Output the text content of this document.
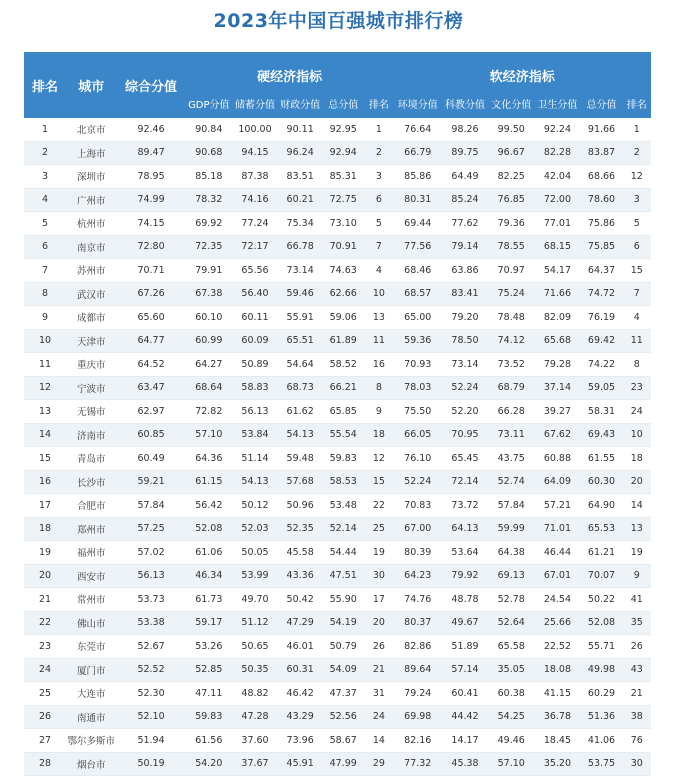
2023年中国百强城市排行榜
排名	城市	综合分值	硬经济指标					软经济指标					
			GDP分值	储蓄分值	财政分值	总分值	排名	环境分值	科教分值	文化分值	卫生分值	总分值	排名
1	北京市	92.46	90.84	100.00	90.11	92.95	1	76.64	98.26	99.50	92.24	91.66	1
2	上海市	89.47	90.68	94.15	96.24	92.94	2	66.79	89.75	96.67	82.28	83.87	2
3	深圳市	78.95	85.18	87.38	83.51	85.31	3	85.86	64.49	82.25	42.04	68.66	12
4	广州市	74.99	78.32	74.16	60.21	72.75	6	80.31	85.24	76.85	72.00	78.60	3
5	杭州市	74.15	69.92	77.24	75.34	73.10	5	69.44	77.62	79.36	77.01	75.86	5
6	南京市	72.80	72.35	72.17	66.78	70.91	7	77.56	79.14	78.55	68.15	75.85	6
7	苏州市	70.71	79.91	65.56	73.14	74.63	4	68.46	63.86	70.97	54.17	64.37	15
8	武汉市	67.26	67.38	56.40	59.46	62.66	10	68.57	83.41	75.24	71.66	74.72	7
9	成都市	65.60	60.10	60.11	55.91	59.06	13	65.00	79.20	78.48	82.09	76.19	4
10	天津市	64.77	60.99	60.09	65.51	61.89	11	59.36	78.50	74.12	65.68	69.42	11
11	重庆市	64.52	64.27	50.89	54.64	58.52	16	70.93	73.14	73.52	79.28	74.22	8
12	宁波市	63.47	68.64	58.83	68.73	66.21	8	78.03	52.24	68.79	37.14	59.05	23
13	无锡市	62.97	72.82	56.13	61.62	65.85	9	75.50	52.20	66.28	39.27	58.31	24
14	济南市	60.85	57.10	53.84	54.13	55.54	18	66.05	70.95	73.11	67.62	69.43	10
15	青岛市	60.49	64.36	51.14	59.48	59.83	12	76.10	65.45	43.75	60.88	61.55	18
16	长沙市	59.21	61.15	54.13	57.68	58.53	15	52.24	72.14	52.74	64.09	60.30	20
17	合肥市	57.84	56.42	50.12	50.96	53.48	22	70.83	73.72	57.84	57.21	64.90	14
18	郑州市	57.25	52.08	52.03	52.35	52.14	25	67.00	64.13	59.99	71.01	65.53	13
19	福州市	57.02	61.06	50.05	45.58	54.44	19	80.39	53.64	64.38	46.44	61.21	19
20	西安市	56.13	46.34	53.99	43.36	47.51	30	64.23	79.92	69.13	67.01	70.07	9
21	常州市	53.73	61.73	49.70	50.42	55.90	17	74.76	48.78	52.78	24.54	50.22	41
22	佛山市	53.38	59.17	51.12	47.29	54.19	20	80.37	49.67	52.64	25.66	52.08	35
23	东莞市	52.67	53.26	50.65	46.01	50.79	26	82.86	51.89	65.58	22.52	55.71	26
24	厦门市	52.52	52.85	50.35	60.31	54.09	21	89.64	57.14	35.05	18.08	49.98	43
25	大连市	52.30	47.11	48.82	46.42	47.37	31	79.24	60.41	60.38	41.15	60.29	21
26	南通市	52.10	59.83	47.28	43.29	52.56	24	69.98	44.42	54.25	36.78	51.36	38
27	鄂尔多斯市	51.94	61.56	37.60	73.96	58.67	14	82.16	14.17	49.46	18.45	41.06	76
28	烟台市	50.19	54.20	37.67	45.91	47.99	29	77.32	45.38	57.10	35.20	53.75	30
